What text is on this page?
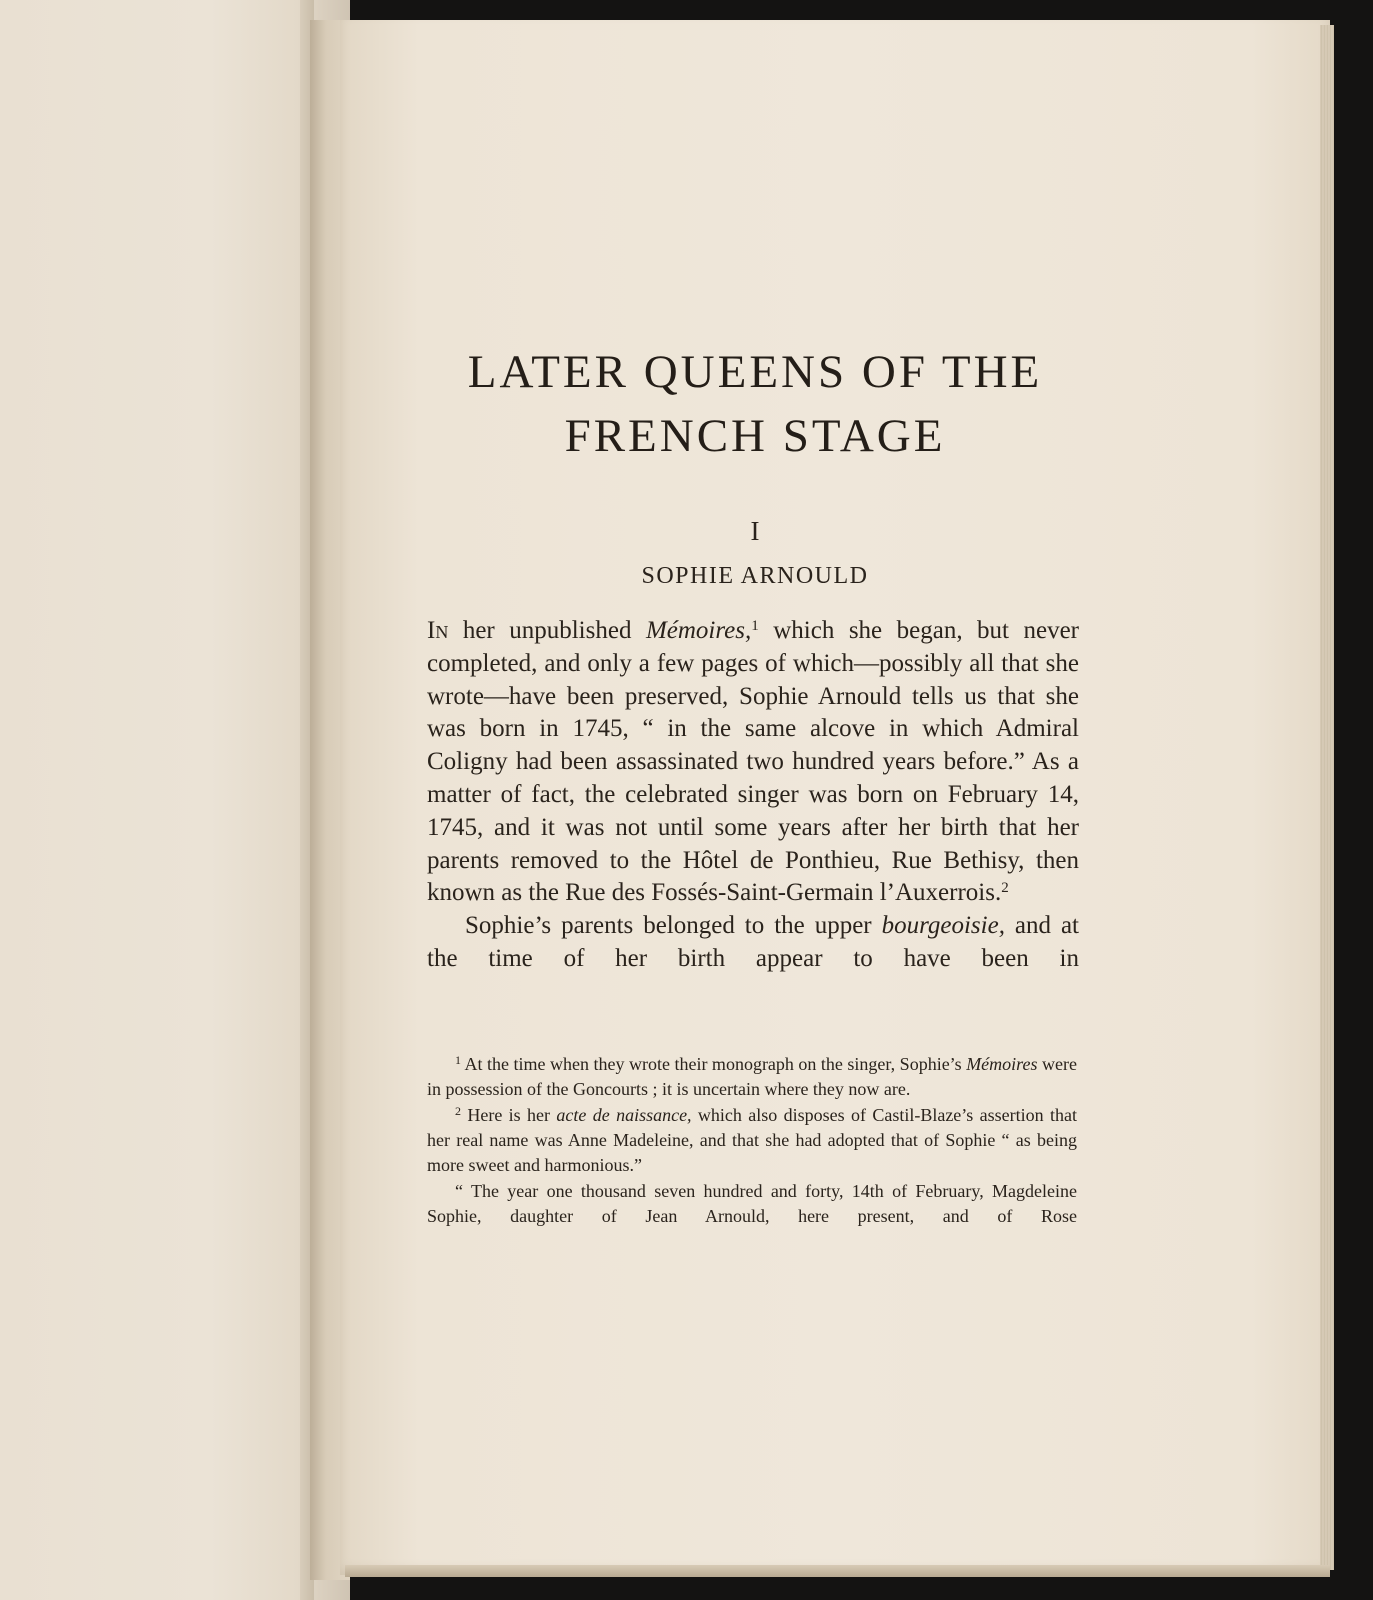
LATER QUEENS OF THE
FRENCH STAGE
I
SOPHIE ARNOULD

In her unpublished Mémoires,$^1$ which she began, but never completed, and only a few pages of which—possibly all that she wrote—have been preserved, Sophie Arnould tells us that she was born in 1745, “ in the same alcove in which Admiral Coligny had been assassinated two hundred years before.” As a matter of fact, the celebrated singer was born on February 14, 1745, and it was not until some years after her birth that her parents removed to the Hôtel de Ponthieu, Rue Bethisy, then known as the Rue des Fossés-Saint-Germain l’Auxerrois.$^2$

Sophie’s parents belonged to the upper bourgeoisie, and at the time of her birth appear to have been in

$^1$ At the time when they wrote their monograph on the singer, Sophie’s Mémoires were in possession of the Goncourts ; it is uncertain where they now are.

$^2$ Here is her acte de naissance, which also disposes of Castil-Blaze’s assertion that her real name was Anne Madeleine, and that she had adopted that of Sophie “ as being more sweet and harmonious.”

“ The year one thousand seven hundred and forty, 14th of February, Magdeleine Sophie, daughter of Jean Arnould, here present, and of Rose
